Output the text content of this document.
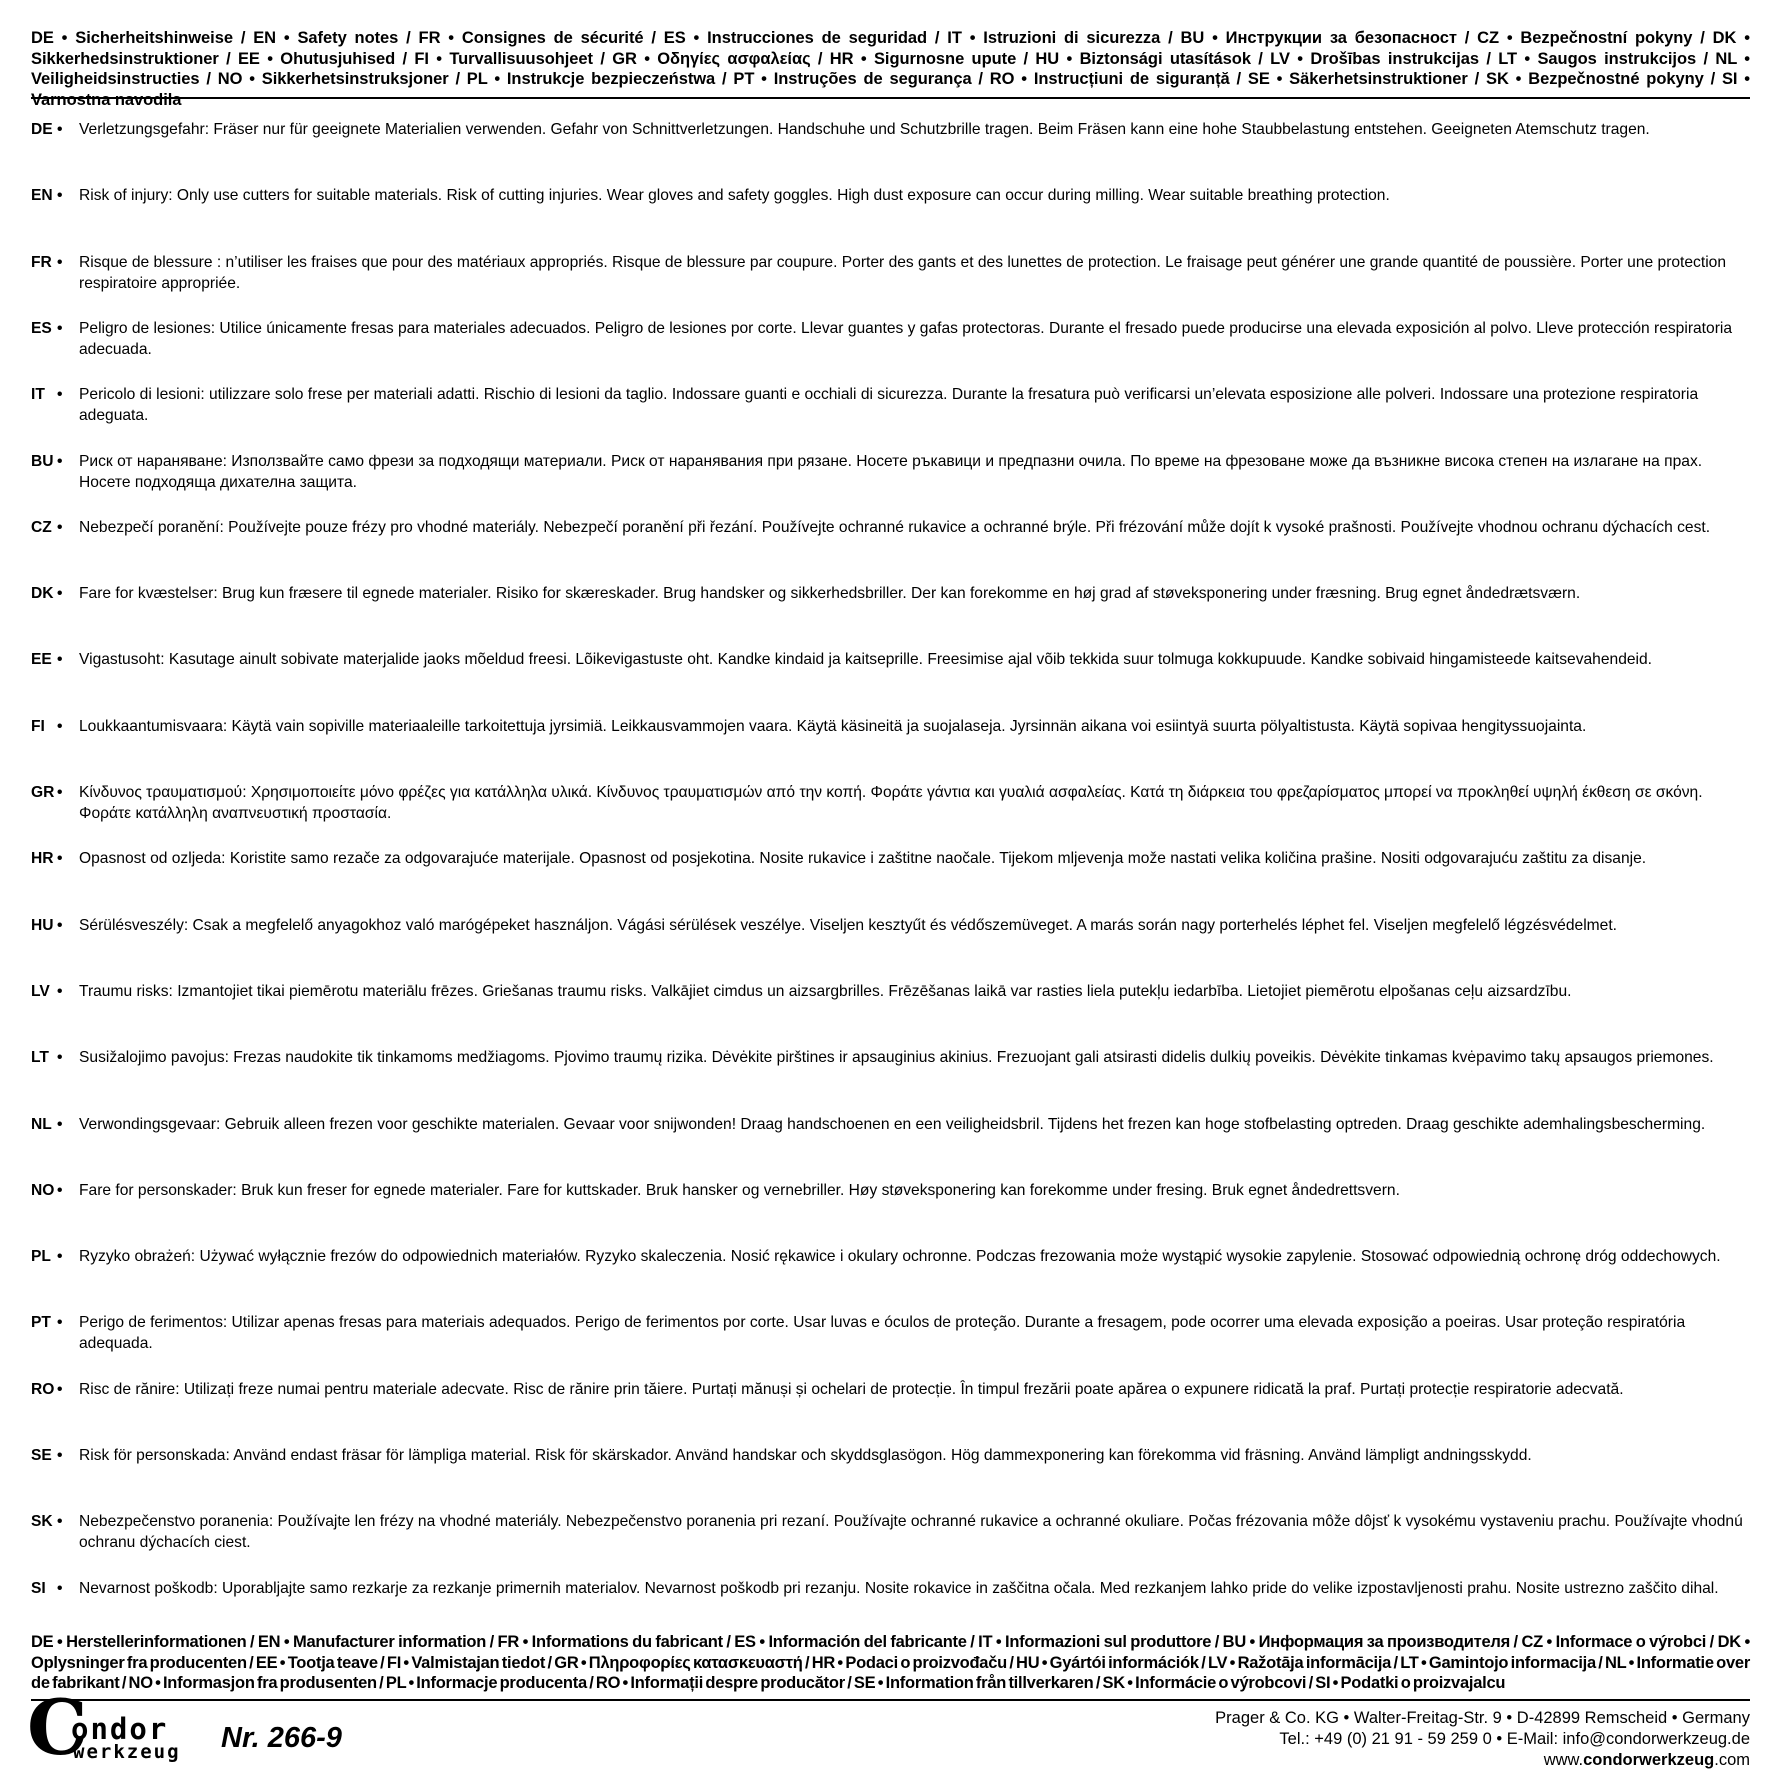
DE • Sicherheitshinweise / EN • Safety notes / FR • Consignes de sécurité / ES • Instrucciones de seguridad / IT • Istruzioni di sicurezza / BU • Инструкции за безопасност / CZ • Bezpečnostní pokyny / DK • Sikkerhedsinstruktioner / EE • Ohutusjuhised / FI • Turvallisuusohjeet / GR • Οδηγίες ασφαλείας / HR • Sigurnosne upute / HU • Biztonsági utasítások / LV • Drošības instrukcijas / LT • Saugos instrukcijos / NL • Veiligheidsinstructies / NO • Sikkerhetsinstruksjoner / PL • Instrukcje bezpieczeństwa / PT • Instruções de segurança / RO • Instrucțiuni de siguranță / SE • Säkerhetsinstruktioner / SK • Bezpečnostné pokyny / SI • Varnostna navodila
DE •	Verletzungsgefahr: Fräser nur für geeignete Materialien verwenden. Gefahr von Schnittverletzungen. Handschuhe und Schutzbrille tragen. Beim Fräsen kann eine hohe Staubbelastung entstehen. Geeigneten Atemschutz tragen.
EN •	Risk of injury: Only use cutters for suitable materials. Risk of cutting injuries. Wear gloves and safety goggles. High dust exposure can occur during milling. Wear suitable breathing protection.
FR •	Risque de blessure : n’utiliser les fraises que pour des matériaux appropriés. Risque de blessure par coupure. Porter des gants et des lunettes de protection. Le fraisage peut générer une grande quantité de poussière. Porter une protection respiratoire appropriée.
ES •	Peligro de lesiones: Utilice únicamente fresas para materiales adecuados. Peligro de lesiones por corte. Llevar guantes y gafas protectoras. Durante el fresado puede producirse una elevada exposición al polvo. Lleve protección respiratoria adecuada.
IT •	Pericolo di lesioni: utilizzare solo frese per materiali adatti. Rischio di lesioni da taglio. Indossare guanti e occhiali di sicurezza. Durante la fresatura può verificarsi un’elevata esposizione alle polveri. Indossare una protezione respiratoria adeguata.
BU •	Риск от нараняване: Използвайте само фрези за подходящи материали. Риск от наранявания при рязане. Носете ръкавици и предпазни очила. По време на фрезоване може да възникне висока степен на излагане на прах. Носете подходяща дихателна защита.
CZ •	Nebezpečí poranění: Používejte pouze frézy pro vhodné materiály. Nebezpečí poranění při řezání. Používejte ochranné rukavice a ochranné brýle. Při frézování může dojít k vysoké prašnosti. Používejte vhodnou ochranu dýchacích cest.
DK •	Fare for kvæstelser: Brug kun fræsere til egnede materialer. Risiko for skæreskader. Brug handsker og sikkerhedsbriller. Der kan forekomme en høj grad af støveksponering under fræsning. Brug egnet åndedrætsværn.
EE •	Vigastusoht: Kasutage ainult sobivate materjalide jaoks mõeldud freesi. Lõikevigastuste oht. Kandke kindaid ja kaitseprille. Freesimise ajal võib tekkida suur tolmuga kokkupuude. Kandke sobivaid hingamisteede kaitsevahendeid.
FI •	Loukkaantumisvaara: Käytä vain sopiville materiaaleille tarkoitettuja jyrsimiä. Leikkausvammojen vaara. Käytä käsineitä ja suojalaseja. Jyrsinnän aikana voi esiintyä suurta pölyaltistusta. Käytä sopivaa hengityssuojainta.
GR •	Κίνδυνος τραυματισμού: Χρησιμοποιείτε μόνο φρέζες για κατάλληλα υλικά. Κίνδυνος τραυματισμών από την κοπή. Φοράτε γάντια και γυαλιά ασφαλείας. Κατά τη διάρκεια του φρεζαρίσματος μπορεί να προκληθεί υψηλή έκθεση σε σκόνη. Φοράτε κατάλληλη αναπνευστική προστασία.
HR •	Opasnost od ozljeda: Koristite samo rezače za odgovarajuće materijale. Opasnost od posjekotina. Nosite rukavice i zaštitne naočale. Tijekom mljevenja može nastati velika količina prašine. Nositi odgovarajuću zaštitu za disanje.
HU •	Sérülésveszély: Csak a megfelelő anyagokhoz való marógépeket használjon. Vágási sérülések veszélye. Viseljen kesztyűt és védőszemüveget. A marás során nagy porterhelés léphet fel. Viseljen megfelelő légzésvédelmet.
LV •	Traumu risks: Izmantojiet tikai piemērotu materiālu frēzes. Griešanas traumu risks. Valkājiet cimdus un aizsargbrilles. Frēzēšanas laikā var rasties liela putekļu iedarbība. Lietojiet piemērotu elpošanas ceļu aizsardzību.
LT •	Susižalojimo pavojus: Frezas naudokite tik tinkamoms medžiagoms. Pjovimo traumų rizika. Dėvėkite pirštines ir apsauginius akinius. Frezuojant gali atsirasti didelis dulkių poveikis. Dėvėkite tinkamas kvėpavimo takų apsaugos priemones.
NL •	Verwondingsgevaar: Gebruik alleen frezen voor geschikte materialen. Gevaar voor snijwonden! Draag handschoenen en een veiligheidsbril. Tijdens het frezen kan hoge stofbelasting optreden. Draag geschikte ademhalingsbescherming.
NO •	Fare for personskader: Bruk kun freser for egnede materialer. Fare for kuttskader. Bruk hansker og vernebriller. Høy støveksponering kan forekomme under fresing. Bruk egnet åndedrettsvern.
PL •	Ryzyko obrażeń: Używać wyłącznie frezów do odpowiednich materiałów. Ryzyko skaleczenia. Nosić rękawice i okulary ochronne. Podczas frezowania może wystąpić wysokie zapylenie. Stosować odpowiednią ochronę dróg oddechowych.
PT •	Perigo de ferimentos: Utilizar apenas fresas para materiais adequados. Perigo de ferimentos por corte. Usar luvas e óculos de proteção. Durante a fresagem, pode ocorrer uma elevada exposição a poeiras. Usar proteção respiratória adequada.
RO •	Risc de rănire: Utilizați freze numai pentru materiale adecvate. Risc de rănire prin tăiere. Purtați mănuși și ochelari de protecție. În timpul frezării poate apărea o expunere ridicată la praf. Purtați protecție respiratorie adecvată.
SE •	Risk för personskada: Använd endast fräsar för lämpliga material. Risk för skärskador. Använd handskar och skyddsglasögon. Hög dammexponering kan förekomma vid fräsning. Använd lämpligt andningsskydd.
SK •	Nebezpečenstvo poranenia: Používajte len frézy na vhodné materiály. Nebezpečenstvo poranenia pri rezaní. Používajte ochranné rukavice a ochranné okuliare. Počas frézovania môže dôjsť k vysokému vystaveniu prachu. Používajte vhodnú ochranu dýchacích ciest.
SI •	Nevarnost poškodb: Uporabljajte samo rezkarje za rezkanje primernih materialov. Nevarnost poškodb pri rezanju. Nosite rokavice in zaščitna očala. Med rezkanjem lahko pride do velike izpostavljenosti prahu. Nosite ustrezno zaščito dihal.
DE • Herstellerinformationen / EN • Manufacturer information / FR • Informations du fabricant / ES • Información del fabricante / IT • Informazioni sul produttore / BU • Информация за производителя / CZ • Informace o výrobci / DK • Oplysninger fra producenten / EE • Tootja teave / FI • Valmistajan tiedot / GR • Πληροφορίες κατασκευαστή / HR • Podaci o proizvođaču / HU • Gyártói információk / LV • Ražotāja informācija / LT • Gamintojo informacija / NL • Informatie over de fabrikant / NO • Informasjon fra produsenten / PL • Informacje producenta / RO • Informații despre producător / SE • Information från tillverkaren / SK • Informácie o výrobcovi / SI • Podatki o proizvajalcu
C
ondor
werkzeug Nr. 266-9
Prager & Co. KG • Walter-Freitag-Str. 9 • D-42899 Remscheid • Germany
Tel.: +49 (0) 21 91 - 59 259 0 • E-Mail: info@condorwerkzeug.de
www.condorwerkzeug.com
